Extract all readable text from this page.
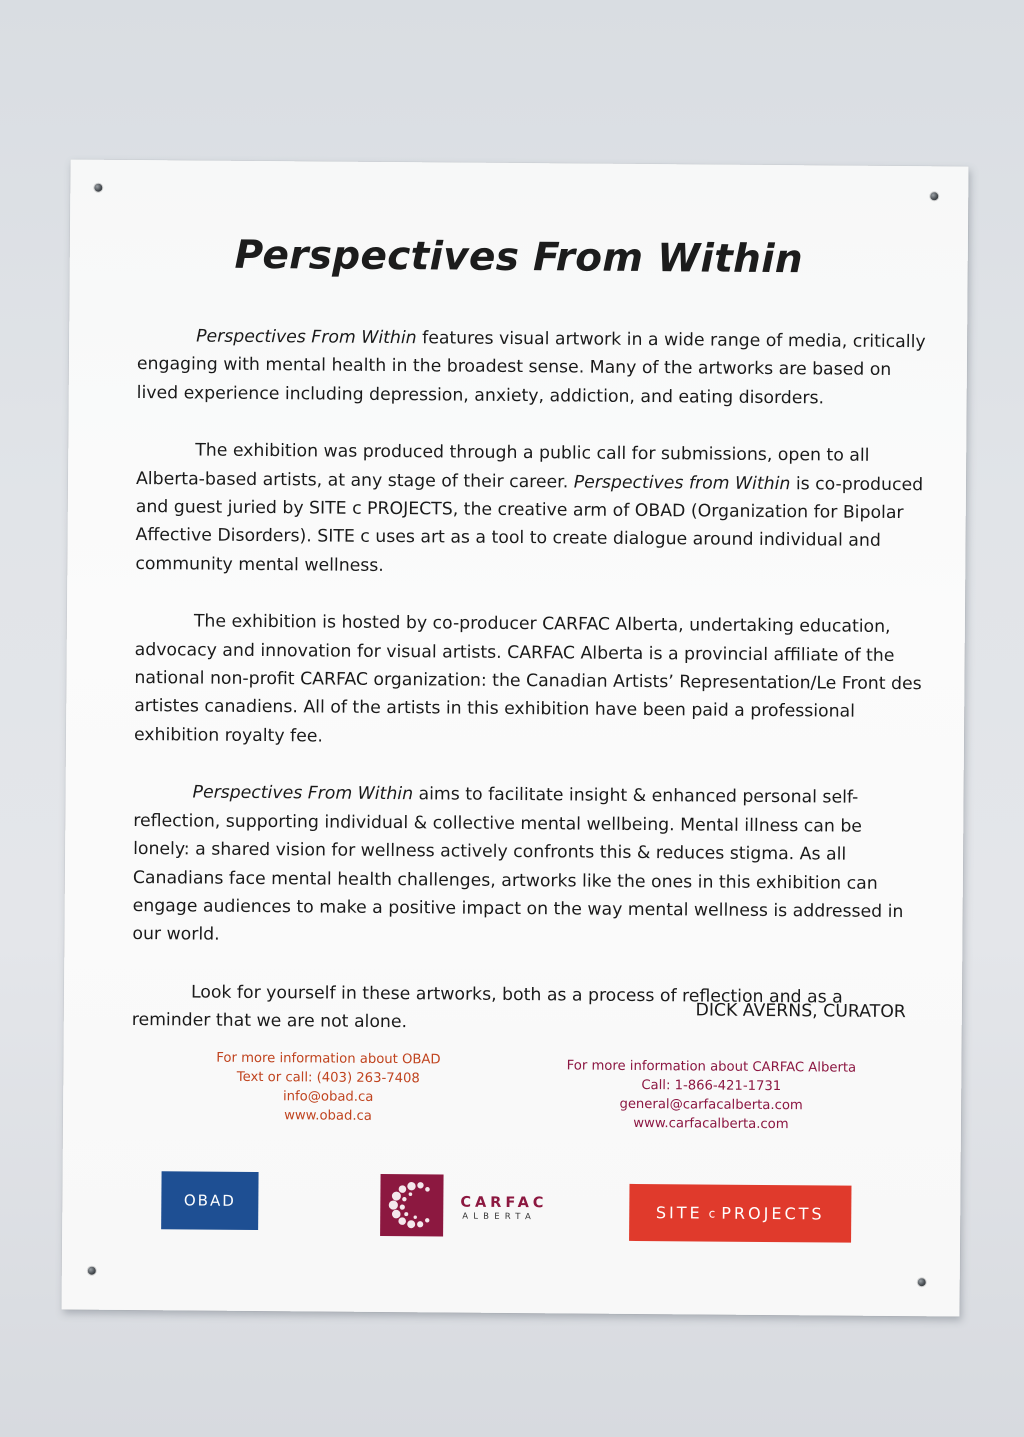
Perspectives From Within

Perspectives From Within features visual artwork in a wide range of media, critically engaging with mental health in the broadest sense. Many of the artworks are based on lived experience including depression, anxiety, addiction, and eating disorders.

The exhibition was produced through a public call for submissions, open to all Alberta-based artists, at any stage of their career. Perspectives from Within is co-produced and guest juried by SITE c PROJECTS, the creative arm of OBAD (Organization for Bipolar Affective Disorders). SITE c uses art as a tool to create dialogue around individual and community mental wellness.

The exhibition is hosted by co-producer CARFAC Alberta, undertaking education, advocacy and innovation for visual artists. CARFAC Alberta is a provincial affiliate of the national non-profit CARFAC organization: the Canadian Artists’ Representation/Le Front des artistes canadiens. All of the artists in this exhibition have been paid a professional exhibition royalty fee.

Perspectives From Within aims to facilitate insight & enhanced personal self-reflection, supporting individual & collective mental wellbeing. Mental illness can be lonely: a shared vision for wellness actively confronts this & reduces stigma. As all Canadians face mental health challenges, artworks like the ones in this exhibition can engage audiences to make a positive impact on the way mental wellness is addressed in our world.

Look for yourself in these artworks, both as a process of reflection and as a reminder that we are not alone.	DICK AVERNS, CURATOR
For more information about OBAD
Text or call: (403) 263-7408
info@obad.ca
www.obad.ca
For more information about CARFAC Alberta
Call: 1-866-421-1731
general@carfacalberta.com
www.carfacalberta.com
OBAD	CARFAC
ALBERTA	SITE c PROJECTS
